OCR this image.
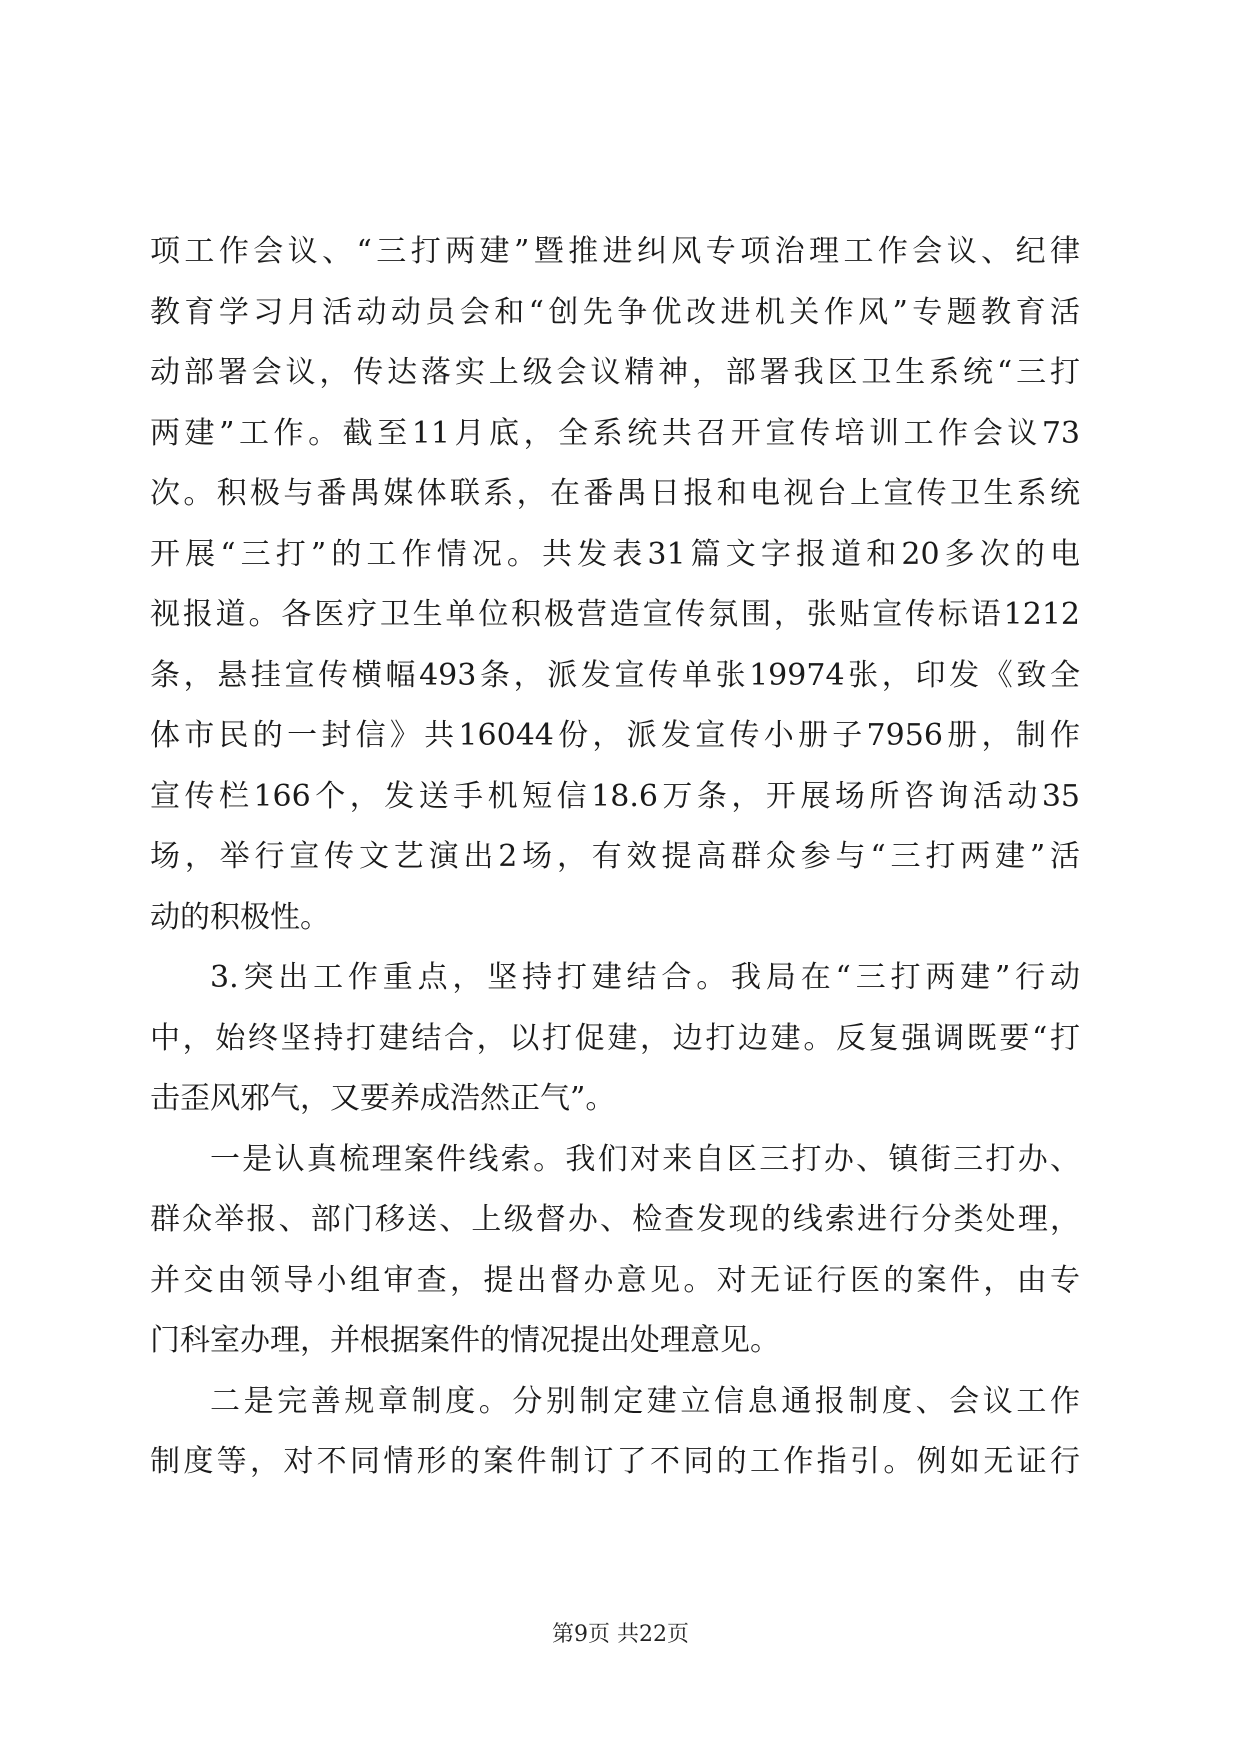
项工作会议、“三打两建”暨推进纠风专项治理工作会议、纪律
教育学习月活动动员会和“创先争优改进机关作风”专题教育活
动部署会议，传达落实上级会议精神，部署我区卫生系统“三打
两建”工作。截至11月底，全系统共召开宣传培训工作会议73
次。积极与番禺媒体联系，在番禺日报和电视台上宣传卫生系统
开展“三打”的工作情况。共发表31篇文字报道和20多次的电
视报道。各医疗卫生单位积极营造宣传氛围，张贴宣传标语1212
条，悬挂宣传横幅493条，派发宣传单张19974张，印发《致全
体市民的一封信》共16044份，派发宣传小册子7956册，制作
宣传栏166个，发送手机短信18.6万条，开展场所咨询活动35
场，举行宣传文艺演出2场，有效提高群众参与“三打两建”活
动的积极性。
3.突出工作重点，坚持打建结合。我局在“三打两建”行动
中，始终坚持打建结合，以打促建，边打边建。反复强调既要“打
击歪风邪气，又要养成浩然正气”。
一是认真梳理案件线索。我们对来自区三打办、镇街三打办、
群众举报、部门移送、上级督办、检查发现的线索进行分类处理，
并交由领导小组审查，提出督办意见。对无证行医的案件，由专
门科室办理，并根据案件的情况提出处理意见。
二是完善规章制度。分别制定建立信息通报制度、会议工作
制度等，对不同情形的案件制订了不同的工作指引。例如无证行
第9页 共22页
